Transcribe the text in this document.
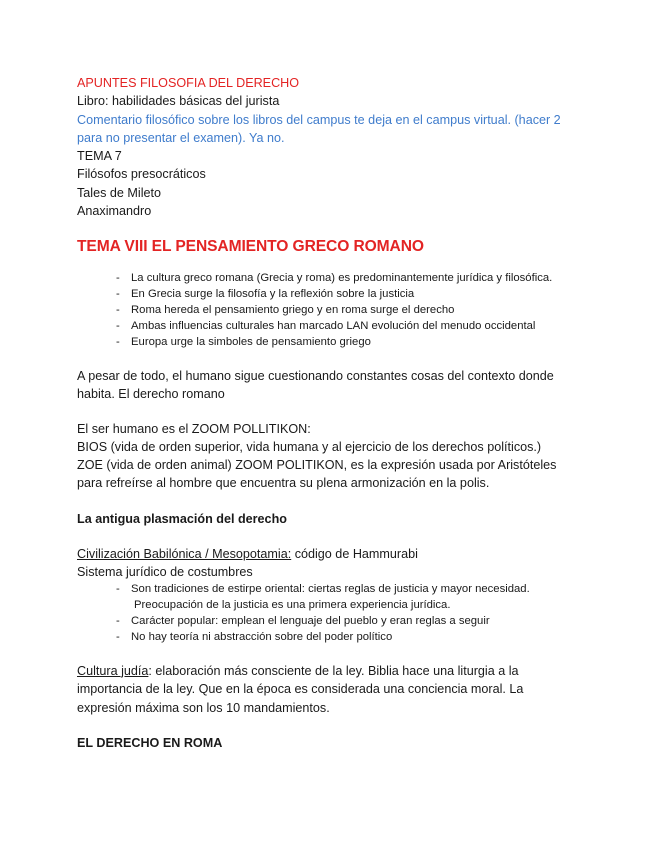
APUNTES FILOSOFIA DEL DERECHO
Libro: habilidades básicas del jurista
Comentario filosófico sobre los libros del campus te deja en el campus virtual. (hacer 2
para no presentar el examen). Ya no.
TEMA 7
Filósofos presocráticos
Tales de Mileto
Anaximandro
TEMA VIII EL PENSAMIENTO GRECO ROMANO
- La cultura greco romana (Grecia y roma) es predominantemente jurídica y filosófica.
- En Grecia surge la filosofía y la reflexión sobre la justicia
- Roma hereda el pensamiento griego y en roma surge el derecho
- Ambas influencias culturales han marcado LAN evolución del menudo occidental
- Europa urge la simboles de pensamiento griego
A pesar de todo, el humano sigue cuestionando constantes cosas del contexto donde
habita. El derecho romano
El ser humano es el ZOOM POLLITIKON:
BIOS (vida de orden superior, vida humana y al ejercicio de los derechos políticos.)
ZOE (vida de orden animal) ZOOM POLITIKON, es la expresión usada por Aristóteles
para refreírse al hombre que encuentra su plena armonización en la polis.
La antigua plasmación del derecho
Civilización Babilónica / Mesopotamia: código de Hammurabi
Sistema jurídico de costumbres
- Son tradiciones de estirpe oriental: ciertas reglas de justicia y mayor necesidad.
Preocupación de la justicia es una primera experiencia jurídica.
- Carácter popular: emplean el lenguaje del pueblo y eran reglas a seguir
- No hay teoría ni abstracción sobre del poder político
Cultura judía: elaboración más consciente de la ley. Biblia hace una liturgia a la
importancia de la ley. Que en la época es considerada una conciencia moral. La
expresión máxima son los 10 mandamientos.
EL DERECHO EN ROMA
